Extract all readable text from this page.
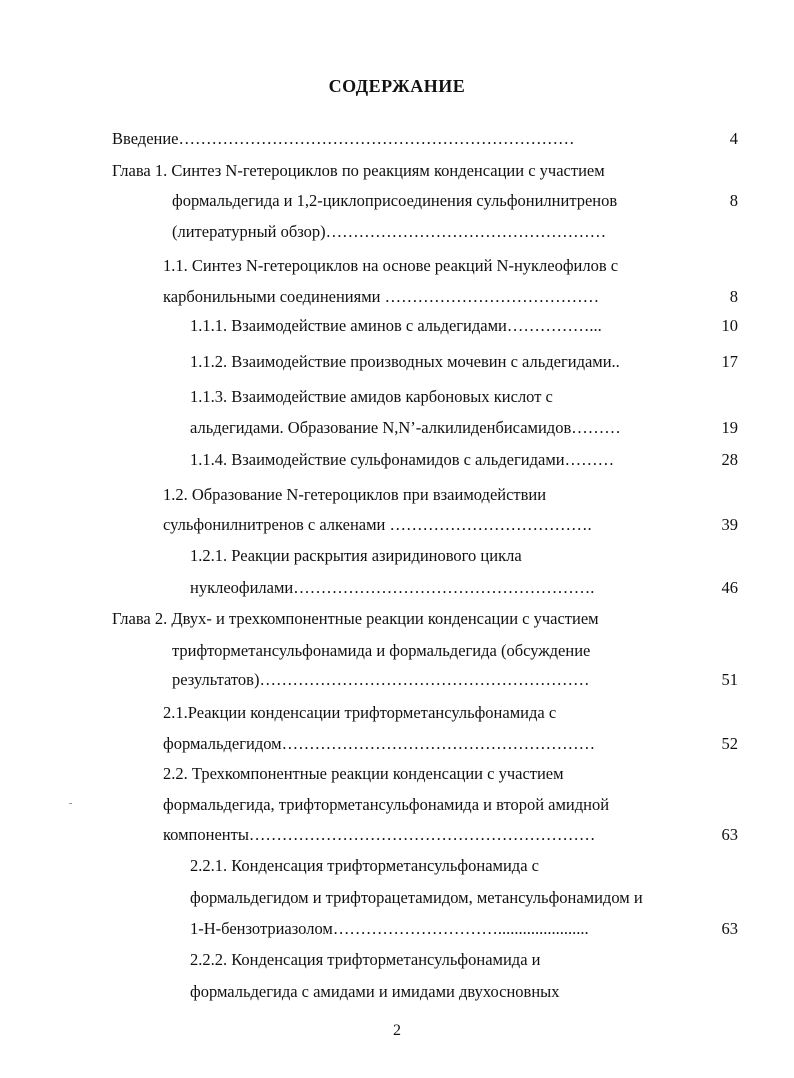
СОДЕРЖАНИЕ
Введение………………………………………………………………	4
Глава 1. Синтез N-гетероциклов по реакциям конденсации с участием
формальдегида и 1,2-циклоприсоединения сульфонилнитренов	8
(литературный обзор)……………………………………………
1.1. Синтез N-гетероциклов на основе реакций N-нуклеофилов с
карбонильными соединениями …………………………………	8
1.1.1. Взаимодействие аминов с альдегидами……………...	10
1.1.2. Взаимодействие производных мочевин с альдегидами..	17
1.1.3. Взаимодействие амидов карбоновых кислот с
альдегидами. Образование N,N’-алкилиденбисамидов………	19
1.1.4. Взаимодействие сульфонамидов с альдегидами………	28
1.2. Образование N-гетероциклов при взаимодействии
сульфонилнитренов с алкенами ……………………………….	39
1.2.1. Реакции раскрытия азиридинового цикла
нуклеофилами……………………………………………….	46
Глава 2. Двух- и трехкомпонентные реакции конденсации с участием
трифторметансульфонамида и формальдегида (обсуждение
результатов)……………………………………………………	51
2.1.Реакции конденсации трифторметансульфонамида с
формальдегидом…………………………………………………	52
2.2. Трехкомпонентные реакции конденсации с участием
формальдегида, трифторметансульфонамида и второй амидной
компоненты………………………………………………………	63
2.2.1. Конденсация трифторметансульфонамида с
формальдегидом и трифторацетамидом, метансульфонамидом и
1-H-бензотриазолом…………………………......................	63
2.2.2. Конденсация трифторметансульфонамида и
формальдегида с амидами и имидами двухосновных
2
